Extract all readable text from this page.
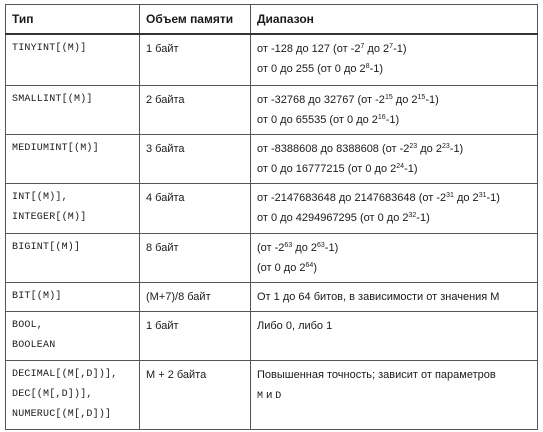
Тип	Объем памяти	Диапазон

TINYINT[(M)]	1 байт	от -128 до 127 (от $-2^7$ до $2^7-1$)
от 0 до 255 (от 0 до $2^8-1$)

SMALLINT[(M)]	2 байта	от -32768 до 32767 (от $-2^{15}$ до $2^{15}-1$)
от 0 до 65535 (от 0 до $2^{16}-1$)

MEDIUMINT[(M)]	3 байта	от -8388608 до 8388608 (от $-2^{23}$ до $2^{23}-1$)
от 0 до 16777215 (от 0 до $2^{24}-1$)

INT[(M)],
INTEGER[(M)]	4 байта	от -2147683648 до 2147683648 (от $-2^{31}$ до $2^{31}-1$)
от 0 до 4294967295 (от 0 до $2^{32}-1$)

BIGINT[(M)]	8 байт	(от $-2^{63}$ до $2^{63}-1$)
(от 0 до $2^{64}$)

BIT[(M)]	(M+7)/8 байт	От 1 до 64 битов, в зависимости от значения M

BOOL,
BOOLEAN	1 байт	Либо 0, либо 1

DECIMAL[(M[,D])],
DEC[(M[,D])],
NUMERUC[(M[,D])]	M + 2 байта	Повышенная точность; зависит от параметров
M и D
